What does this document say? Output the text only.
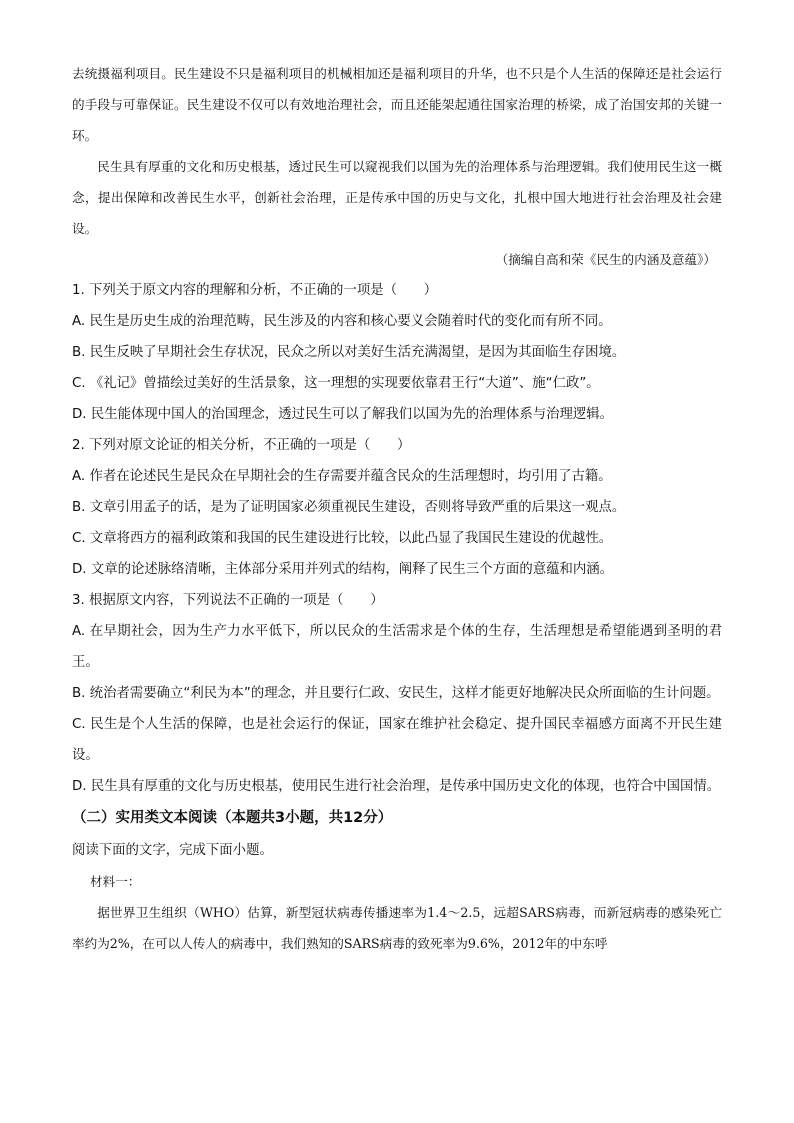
去统摄福利项目。民生建设不只是福利项目的机械相加还是福利项目的升华，也不只是个人生活的保障还是社会运行的手段与可靠保证。民生建设不仅可以有效地治理社会，而且还能架起通往国家治理的桥梁，成了治国安邦的关键一环。

民生具有厚重的文化和历史根基，透过民生可以窥视我们以国为先的治理体系与治理逻辑。我们使用民生这一概念，提出保障和改善民生水平，创新社会治理，正是传承中国的历史与文化，扎根中国大地进行社会治理及社会建设。

（摘编自高和荣《民生的内涵及意蕴》）

1. 下列关于原文内容的理解和分析，不正确的一项是（　　）

A. 民生是历史生成的治理范畴，民生涉及的内容和核心要义会随着时代的变化而有所不同。

B. 民生反映了早期社会生存状况，民众之所以对美好生活充满渴望，是因为其面临生存困境。

C. 《礼记》曾描绘过美好的生活景象，这一理想的实现要依靠君王行“大道”、施“仁政”。

D. 民生能体现中国人的治国理念，透过民生可以了解我们以国为先的治理体系与治理逻辑。

2. 下列对原文论证的相关分析，不正确的一项是（　　）

A. 作者在论述民生是民众在早期社会的生存需要并蕴含民众的生活理想时，均引用了古籍。

B. 文章引用孟子的话，是为了证明国家必须重视民生建设，否则将导致严重的后果这一观点。

C. 文章将西方的福利政策和我国的民生建设进行比较，以此凸显了我国民生建设的优越性。

D. 文章的论述脉络清晰，主体部分采用并列式的结构，阐释了民生三个方面的意蕴和内涵。

3. 根据原文内容，下列说法不正确的一项是（　　）

A. 在早期社会，因为生产力水平低下，所以民众的生活需求是个体的生存，生活理想是希望能遇到圣明的君王。

B. 统治者需要确立“利民为本”的理念，并且要行仁政、安民生，这样才能更好地解决民众所面临的生计问题。

C. 民生是个人生活的保障，也是社会运行的保证，国家在维护社会稳定、提升国民幸福感方面离不开民生建设。

D. 民生具有厚重的文化与历史根基，使用民生进行社会治理，是传承中国历史文化的体现，也符合中国国情。

（二）实用类文本阅读（本题共3小题，共12分）

阅读下面的文字，完成下面小题。

材料一：

据世界卫生组织（WHO）估算，新型冠状病毒传播速率为1.4～2.5，远超SARS病毒，而新冠病毒的感染死亡率约为2%，在可以人传人的病毒中，我们熟知的SARS病毒的致死率为9.6%，2012年的中东呼
